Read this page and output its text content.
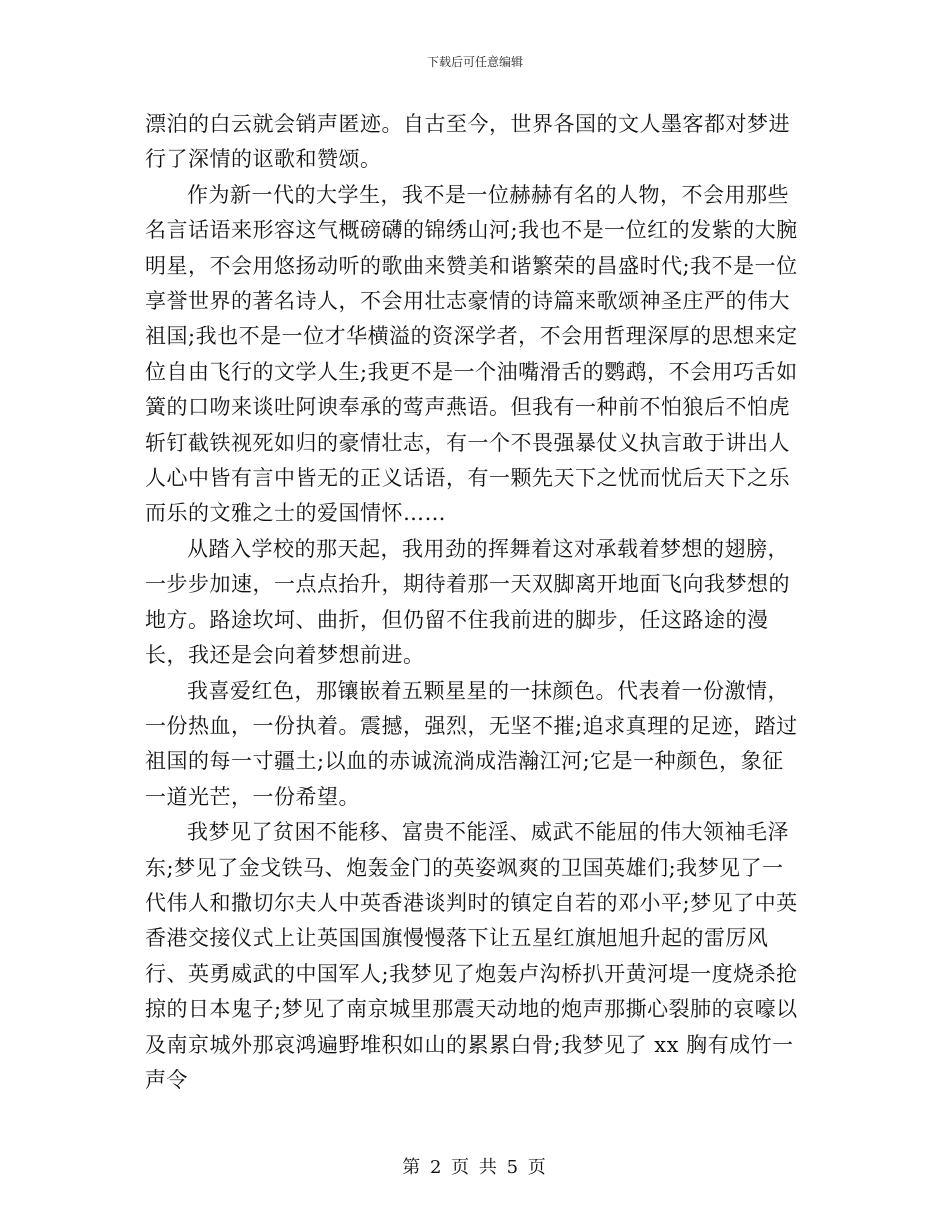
下载后可任意编辑

漂泊的白云就会销声匿迹。自古至今，世界各国的文人墨客都对梦进行了深情的讴歌和赞颂。

作为新一代的大学生，我不是一位赫赫有名的人物，不会用那些名言话语来形容这气概磅礴的锦绣山河;我也不是一位红的发紫的大腕明星，不会用悠扬动听的歌曲来赞美和谐繁荣的昌盛时代;我不是一位享誉世界的著名诗人，不会用壮志豪情的诗篇来歌颂神圣庄严的伟大祖国;我也不是一位才华横溢的资深学者，不会用哲理深厚的思想来定位自由飞行的文学人生;我更不是一个油嘴滑舌的鹦鹉，不会用巧舌如簧的口吻来谈吐阿谀奉承的莺声燕语。但我有一种前不怕狼后不怕虎斩钉截铁视死如归的豪情壮志，有一个不畏强暴仗义执言敢于讲出人人心中皆有言中皆无的正义话语，有一颗先天下之忧而忧后天下之乐而乐的文雅之士的爱国情怀……

从踏入学校的那天起，我用劲的挥舞着这对承载着梦想的翅膀，一步步加速，一点点抬升，期待着那一天双脚离开地面飞向我梦想的地方。路途坎坷、曲折，但仍留不住我前进的脚步，任这路途的漫长，我还是会向着梦想前进。

我喜爱红色，那镶嵌着五颗星星的一抹颜色。代表着一份激情，一份热血，一份执着。震撼，强烈，无坚不摧;追求真理的足迹，踏过祖国的每一寸疆土;以血的赤诚流淌成浩瀚江河;它是一种颜色，象征一道光芒，一份希望。

我梦见了贫困不能移、富贵不能淫、威武不能屈的伟大领袖毛泽东;梦见了金戈铁马、炮轰金门的英姿飒爽的卫国英雄们;我梦见了一代伟人和撒切尔夫人中英香港谈判时的镇定自若的邓小平;梦见了中英香港交接仪式上让英国国旗慢慢落下让五星红旗旭旭升起的雷厉风行、英勇威武的中国军人;我梦见了炮轰卢沟桥扒开黄河堤一度烧杀抢掠的日本鬼子;梦见了南京城里那震天动地的炮声那撕心裂肺的哀嚎以及南京城外那哀鸿遍野堆积如山的累累白骨;我梦见了 xx 胸有成竹一声令

第 2 页 共 5 页
